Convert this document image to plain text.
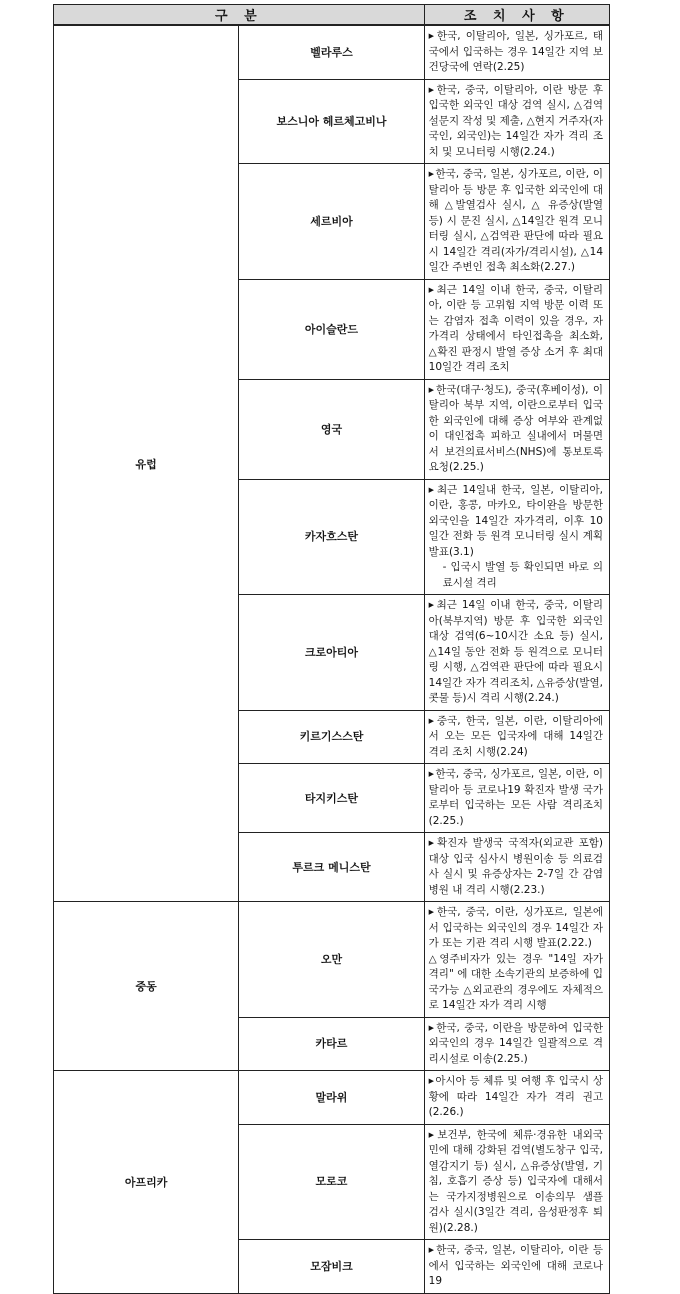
구 분		조 치 사 항
유럽	벨라루스	▶한국, 이탈리아, 일본, 싱가포르, 태국에서 입국하는 경우 14일간 지역 보건당국에 연락(2.25)

	보스니아 헤르체고비나	▶한국, 중국, 이탈리아, 이란 방문 후 입국한 외국인 대상 검역 실시, △검역설문지 작성 및 제출, △현지 거주자(자국인, 외국인)는 14일간 자가 격리 조치 및 모니터링 시행(2.24.)

	세르비아	▶한국, 중국, 일본, 싱가포르, 이란, 이탈리아 등 방문 후 입국한 외국인에 대해 △발열검사 실시, △ 유증상(발열 등) 시 문진 실시, △14일간 원격 모니터링 실시, △검역관 판단에 따라 필요 시 14일간 격리(자가/격리시설), △14일간 주변인 접촉 최소화(2.27.)

	아이슬란드	▶최근 14일 이내 한국, 중국, 이탈리아, 이란 등 고위험 지역 방문 이력 또는 감염자 접촉 이력이 있을 경우, 자가격리 상태에서 타인접촉을 최소화, △확진 판정시 발열 증상 소거 후 최대 10일간 격리 조치

	영국	▶한국(대구·청도), 중국(후베이성), 이탈리아 북부 지역, 이란으로부터 입국한 외국인에 대해 증상 여부와 관계없이 대인접촉 피하고 실내에서 머물면서 보건의료서비스(NHS)에 통보토록 요청(2.25.)

	카자흐스탄	▶최근 14일내 한국, 일본, 이탈리아, 이란, 홍콩, 마카오, 타이완을 방문한 외국인을 14일간 자가격리, 이후 10일간 전화 등 원격 모니터링 실시 계획 발표(3.1)
- 입국시 발열 등 확인되면 바로 의료시설 격리

	크로아티아	▶최근 14일 이내 한국, 중국, 이탈리아(북부지역) 방문 후 입국한 외국인 대상 검역(6~10시간 소요 등) 실시, △14일 동안 전화 등 원격으로 모니터링 시행, △검역관 판단에 따라 필요시 14일간 자가 격리조치, △유증상(발열, 콧물 등)시 격리 시행(2.24.)

	키르기스스탄	▶중국, 한국, 일본, 이란, 이탈리아에서 오는 모든 입국자에 대해 14일간 격리 조치 시행(2.24)

	타지키스탄	▶한국, 중국, 싱가포르, 일본, 이란, 이탈리아 등 코로나19 확진자 발생 국가로부터 입국하는 모든 사람 격리조치(2.25.)

	투르크 메니스탄	▶확진자 발생국 국적자(외교관 포함) 대상 입국 심사시 병원이송 등 의료검사 실시 및 유증상자는 2-7일 간 감염병원 내 격리 시행(2.23.)

중동	오만	▶한국, 중국, 이란, 싱가포르, 일본에서 입국하는 외국인의 경우 14일간 자가 또는 기관 격리 시행 발표(2.22.)
△영주비자가 있는 경우 "14일 자가 격리" 에 대한 소속기관의 보증하에 입국가능 △외교관의 경우에도 자체적으로 14일간 자가 격리 시행

	카타르	▶한국, 중국, 이란을 방문하여 입국한 외국인의 경우 14일간 일괄적으로 격리시설로 이송(2.25.)

아프리카	말라위	▶아시아 등 체류 및 여행 후 입국시 상황에 따라 14일간 자가 격리 권고(2.26.)

	모로코	▶보건부, 한국에 체류·경유한 내외국민에 대해 강화된 검역(별도창구 입국, 열감지기 등) 실시, △유증상(발열, 기침, 호흡기 증상 등) 입국자에 대해서는 국가지정병원으로 이송의무 샘플 검사 실시(3일간 격리, 음성판정후 퇴원)(2.28.)

	모잠비크	▶한국, 중국, 일본, 이탈리아, 이란 등에서 입국하는 외국인에 대해 코로나19
